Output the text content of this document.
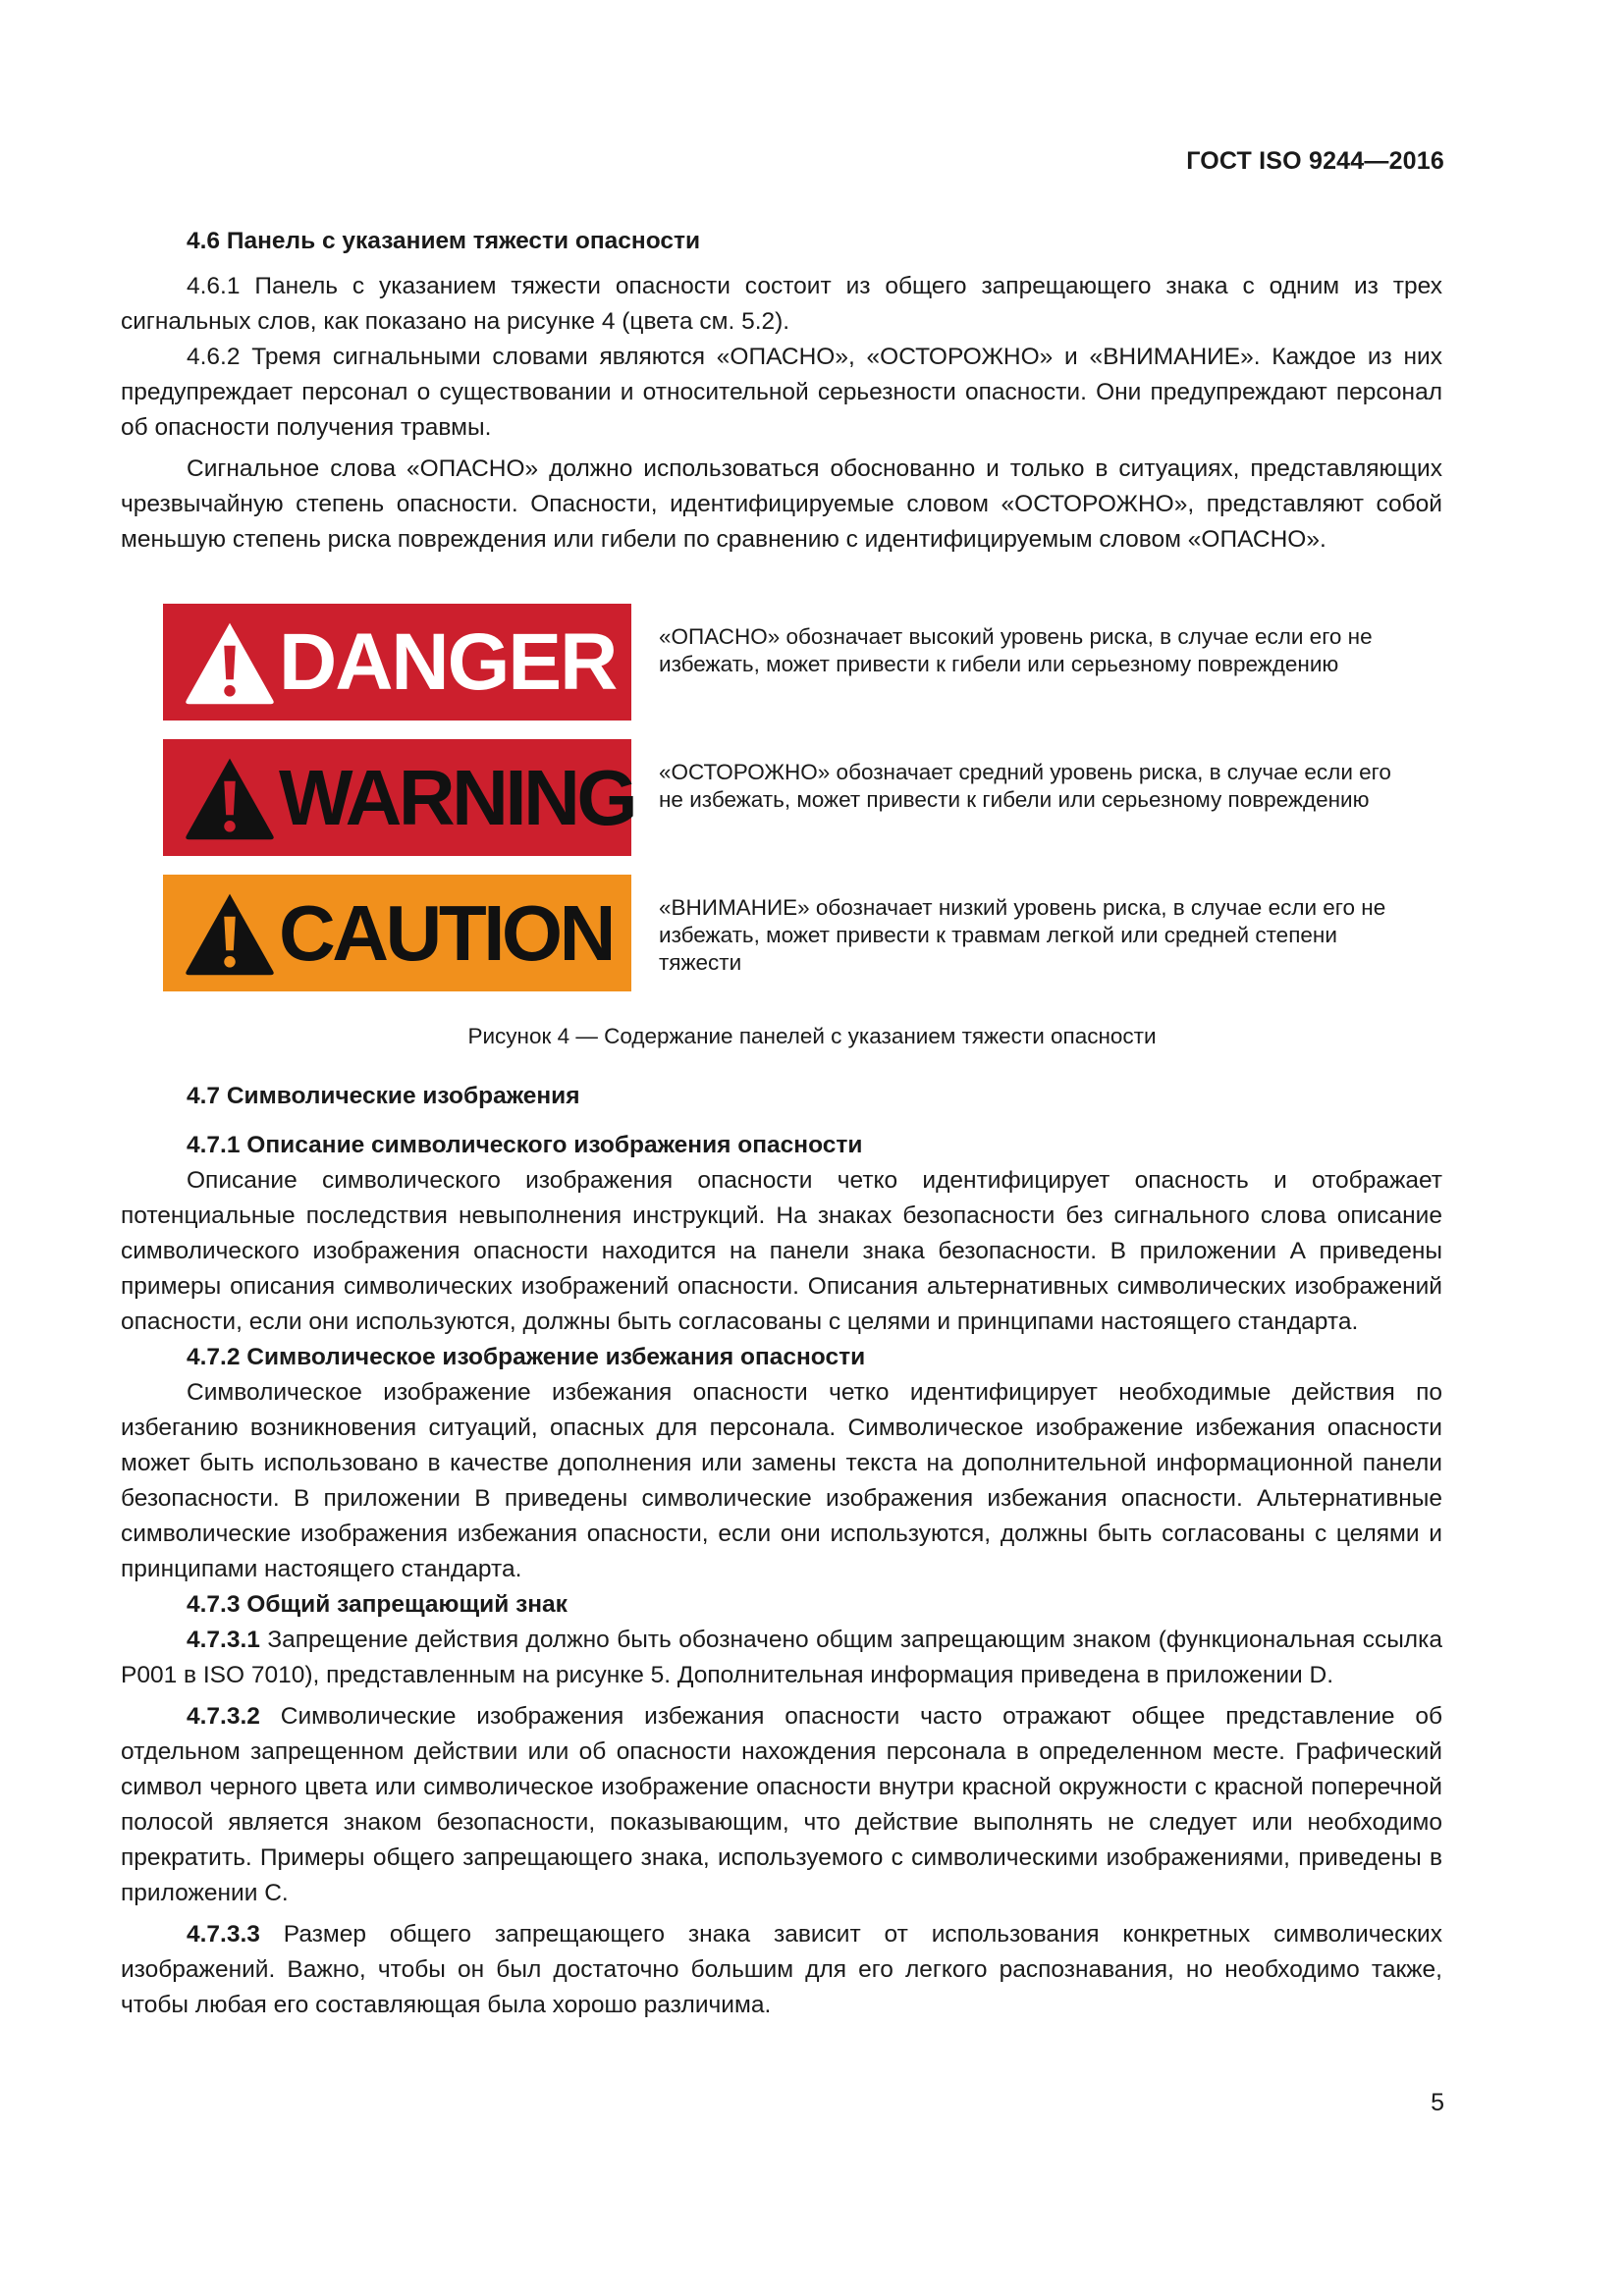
ГОСТ ISO 9244—2016
4.6 Панель с указанием тяжести опасности

4.6.1 Панель с указанием тяжести опасности состоит из общего запрещающего знака с одним из трех сигнальных слов, как показано на рисунке 4 (цвета см. 5.2).

4.6.2 Тремя сигнальными словами являются «ОПАСНО», «ОСТОРОЖНО» и «ВНИМАНИЕ». Каждое из них предупреждает персонал о существовании и относительной серьезности опасности. Они предупреждают персонал об опасности получения травмы.

Сигнальное слова «ОПАСНО» должно использоваться обоснованно и только в ситуациях, представляющих чрезвычайную степень опасности. Опасности, идентифицируемые словом «ОСТОРОЖНО», представляют собой меньшую степень риска повреждения или гибели по сравнению с идентифицируемым словом «ОПАСНО».

DANGER «ОПАСНО» обозначает высокий уровень риска, в случае если его не избежать, может привести к гибели или серьезному повреждению
WARNING «ОСТОРОЖНО» обозначает средний уровень риска, в случае если его не избежать, может привести к гибели или серьезному повреждению
CAUTION «ВНИМАНИЕ» обозначает низкий уровень риска, в случае если его не избежать, может привести к травмам легкой или средней степени тяжести
Рисунок 4 — Содержание панелей с указанием тяжести опасности
4.7 Символические изображения
4.7.1 Описание символического изображения опасности

Описание символического изображения опасности четко идентифицирует опасность и отображает потенциальные последствия невыполнения инструкций. На знаках безопасности без сигнального слова описание символического изображения опасности находится на панели знака безопасности. В приложении А приведены примеры описания символических изображений опасности. Описания альтернативных символических изображений опасности, если они используются, должны быть согласованы с целями и принципами настоящего стандарта.

4.7.2 Символическое изображение избежания опасности

Символическое изображение избежания опасности четко идентифицирует необходимые действия по избеганию возникновения ситуаций, опасных для персонала. Символическое изображение избежания опасности может быть использовано в качестве дополнения или замены текста на дополнительной информационной панели безопасности. В приложении В приведены символические изображения избежания опасности. Альтернативные символические изображения избежания опасности, если они используются, должны быть согласованы с целями и принципами настоящего стандарта.

4.7.3 Общий запрещающий знак

4.7.3.1 Запрещение действия должно быть обозначено общим запрещающим знаком (функциональная ссылка P001 в ISO 7010), представленным на рисунке 5. Дополнительная информация приведена в приложении D.

4.7.3.2 Символические изображения избежания опасности часто отражают общее представление об отдельном запрещенном действии или об опасности нахождения персонала в определенном месте. Графический символ черного цвета или символическое изображение опасности внутри красной окружности с красной поперечной полосой является знаком безопасности, показывающим, что действие выполнять не следует или необходимо прекратить. Примеры общего запрещающего знака, используемого с символическими изображениями, приведены в приложении С.

4.7.3.3 Размер общего запрещающего знака зависит от использования конкретных символических изображений. Важно, чтобы он был достаточно большим для его легкого распознавания, но необходимо также, чтобы любая его составляющая была хорошо различима.

5
